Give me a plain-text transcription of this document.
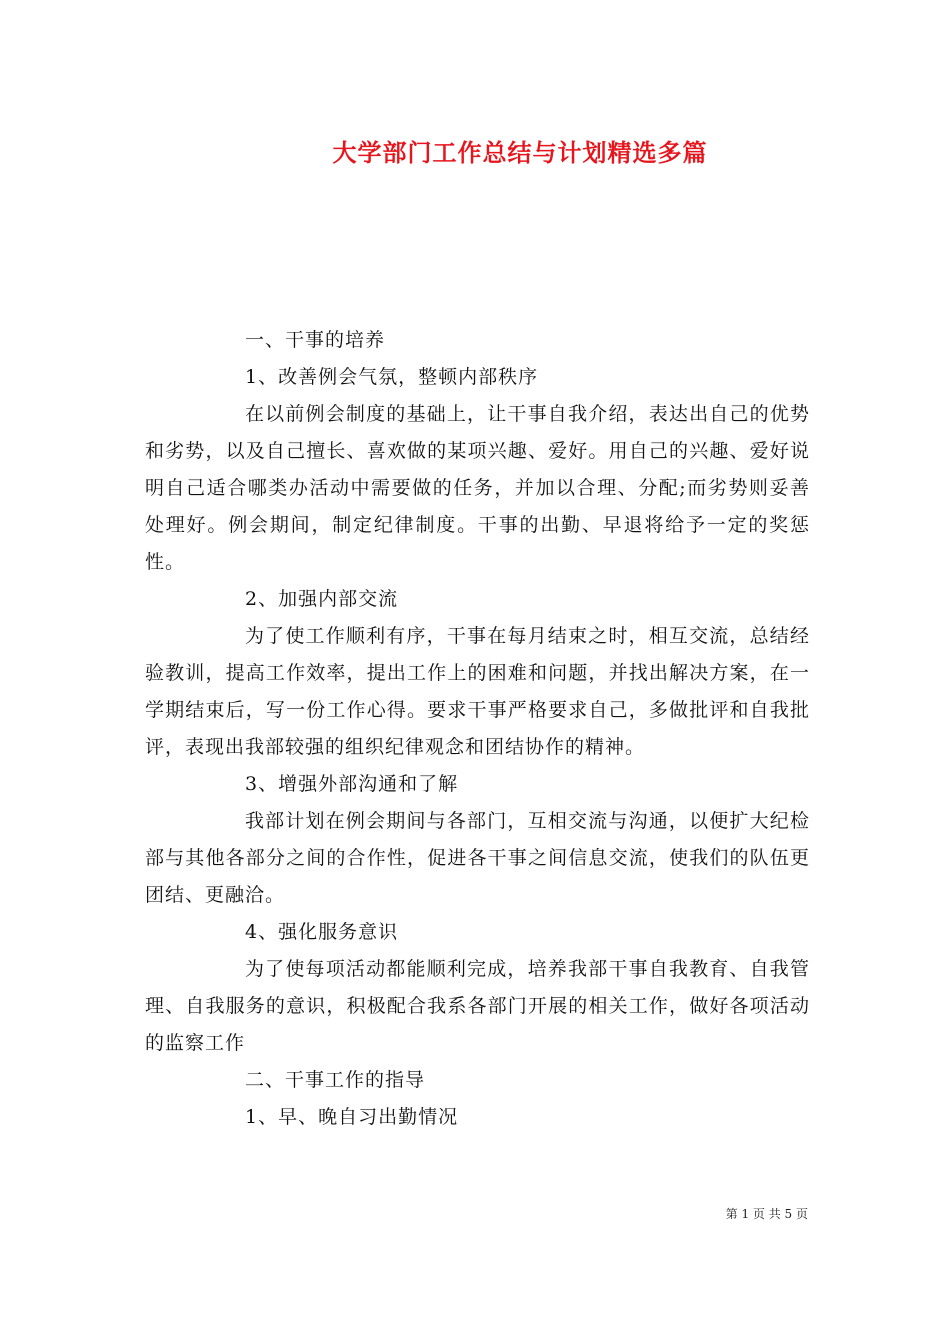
大学部门工作总结与计划精选多篇

一、干事的培养

1、改善例会气氛，整顿内部秩序

在以前例会制度的基础上，让干事自我介绍，表达出自己的优势和劣势，以及自己擅长、喜欢做的某项兴趣、爱好。用自己的兴趣、爱好说明自己适合哪类办活动中需要做的任务，并加以合理、分配;而劣势则妥善处理好。例会期间，制定纪律制度。干事的出勤、早退将给予一定的奖惩性。

2、加强内部交流

为了使工作顺利有序，干事在每月结束之时，相互交流，总结经验教训，提高工作效率，提出工作上的困难和问题，并找出解决方案，在一学期结束后，写一份工作心得。要求干事严格要求自己，多做批评和自我批评，表现出我部较强的组织纪律观念和团结协作的精神。

3、增强外部沟通和了解

我部计划在例会期间与各部门，互相交流与沟通，以便扩大纪检部与其他各部分之间的合作性，促进各干事之间信息交流，使我们的队伍更团结、更融洽。

4、强化服务意识

为了使每项活动都能顺利完成，培养我部干事自我教育、自我管理、自我服务的意识，积极配合我系各部门开展的相关工作，做好各项活动的监察工作

二、干事工作的指导

1、早、晚自习出勤情况

第 1 页 共 5 页
